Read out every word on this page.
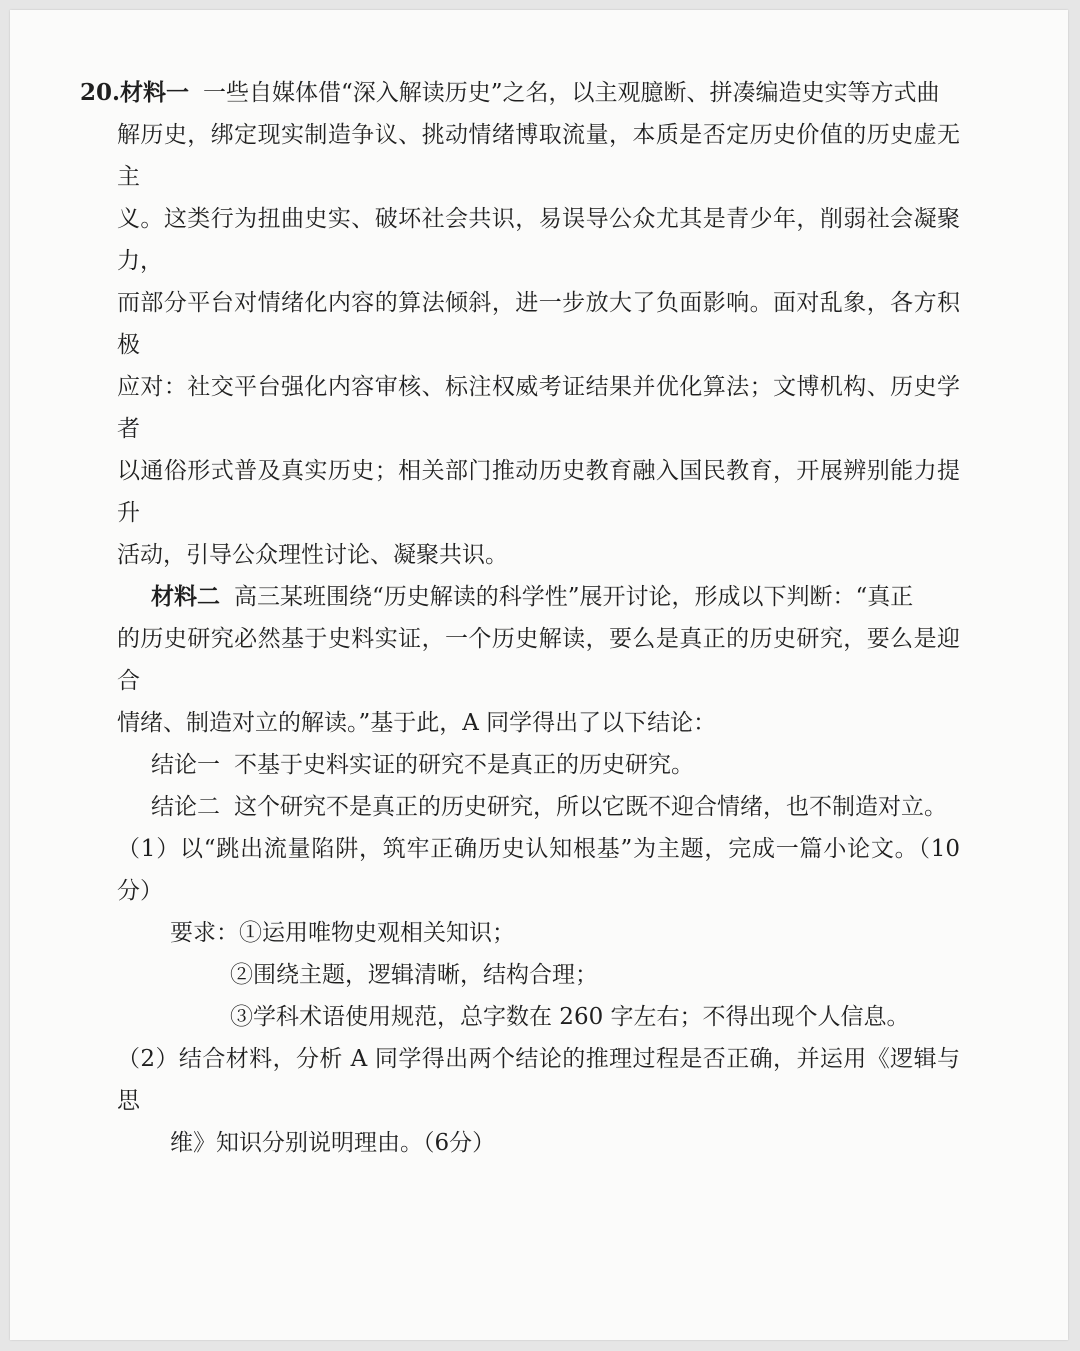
20.材料一 一些自媒体借“深入解读历史”之名，以主观臆断、拼凑编造史实等方式曲

解历史，绑定现实制造争议、挑动情绪博取流量，本质是否定历史价值的历史虚无主

义。这类行为扭曲史实、破坏社会共识，易误导公众尤其是青少年，削弱社会凝聚力，

而部分平台对情绪化内容的算法倾斜，进一步放大了负面影响。面对乱象，各方积极

应对：社交平台强化内容审核、标注权威考证结果并优化算法；文博机构、历史学者

以通俗形式普及真实历史；相关部门推动历史教育融入国民教育，开展辨别能力提升

活动，引导公众理性讨论、凝聚共识。

材料二 高三某班围绕“历史解读的科学性”展开讨论，形成以下判断：“真正

的历史研究必然基于史料实证，一个历史解读，要么是真正的历史研究，要么是迎合

情绪、制造对立的解读。”基于此，A 同学得出了以下结论：

结论一 不基于史料实证的研究不是真正的历史研究。

结论二 这个研究不是真正的历史研究，所以它既不迎合情绪，也不制造对立。

（1）以“跳出流量陷阱，筑牢正确历史认知根基”为主题，完成一篇小论文。（10分）

要求：①运用唯物史观相关知识；

②围绕主题，逻辑清晰，结构合理；

③学科术语使用规范，总字数在 260 字左右；不得出现个人信息。

（2）结合材料，分析 A 同学得出两个结论的推理过程是否正确，并运用《逻辑与思

维》知识分别说明理由。（6分）
